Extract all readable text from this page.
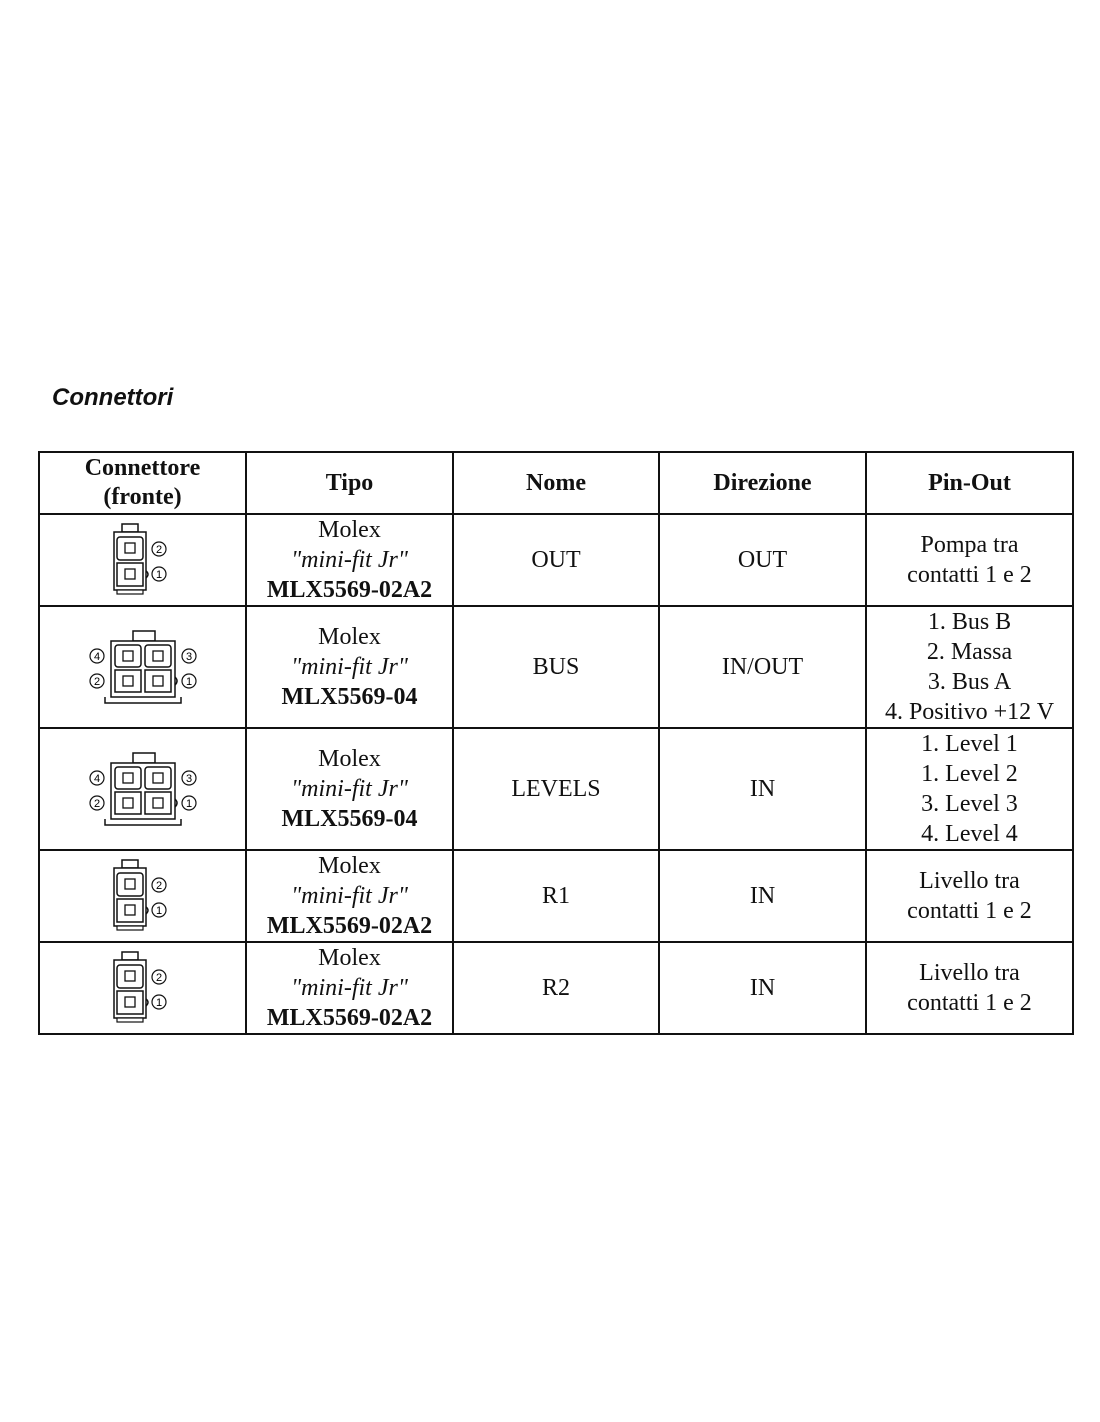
Connettori
Connettore
(fronte)	Tipo	Nome	Direzione	Pin-Out

2
1	Molex
"mini-fit Jr"
MLX5569-02A2	OUT	OUT	Pompa tra
contatti 1 e 2

4 3
2 1	Molex
"mini-fit Jr"
MLX5569-04	BUS	IN/OUT	1. Bus B
2. Massa
3. Bus A
4. Positivo +12 V

4 3
2 1	Molex
"mini-fit Jr"
MLX5569-04	LEVELS	IN	1. Level 1
1. Level 2
3. Level 3
4. Level 4

2
1	Molex
"mini-fit Jr"
MLX5569-02A2	R1	IN	Livello tra
contatti 1 e 2

2
1	Molex
"mini-fit Jr"
MLX5569-02A2	R2	IN	Livello tra
contatti 1 e 2
